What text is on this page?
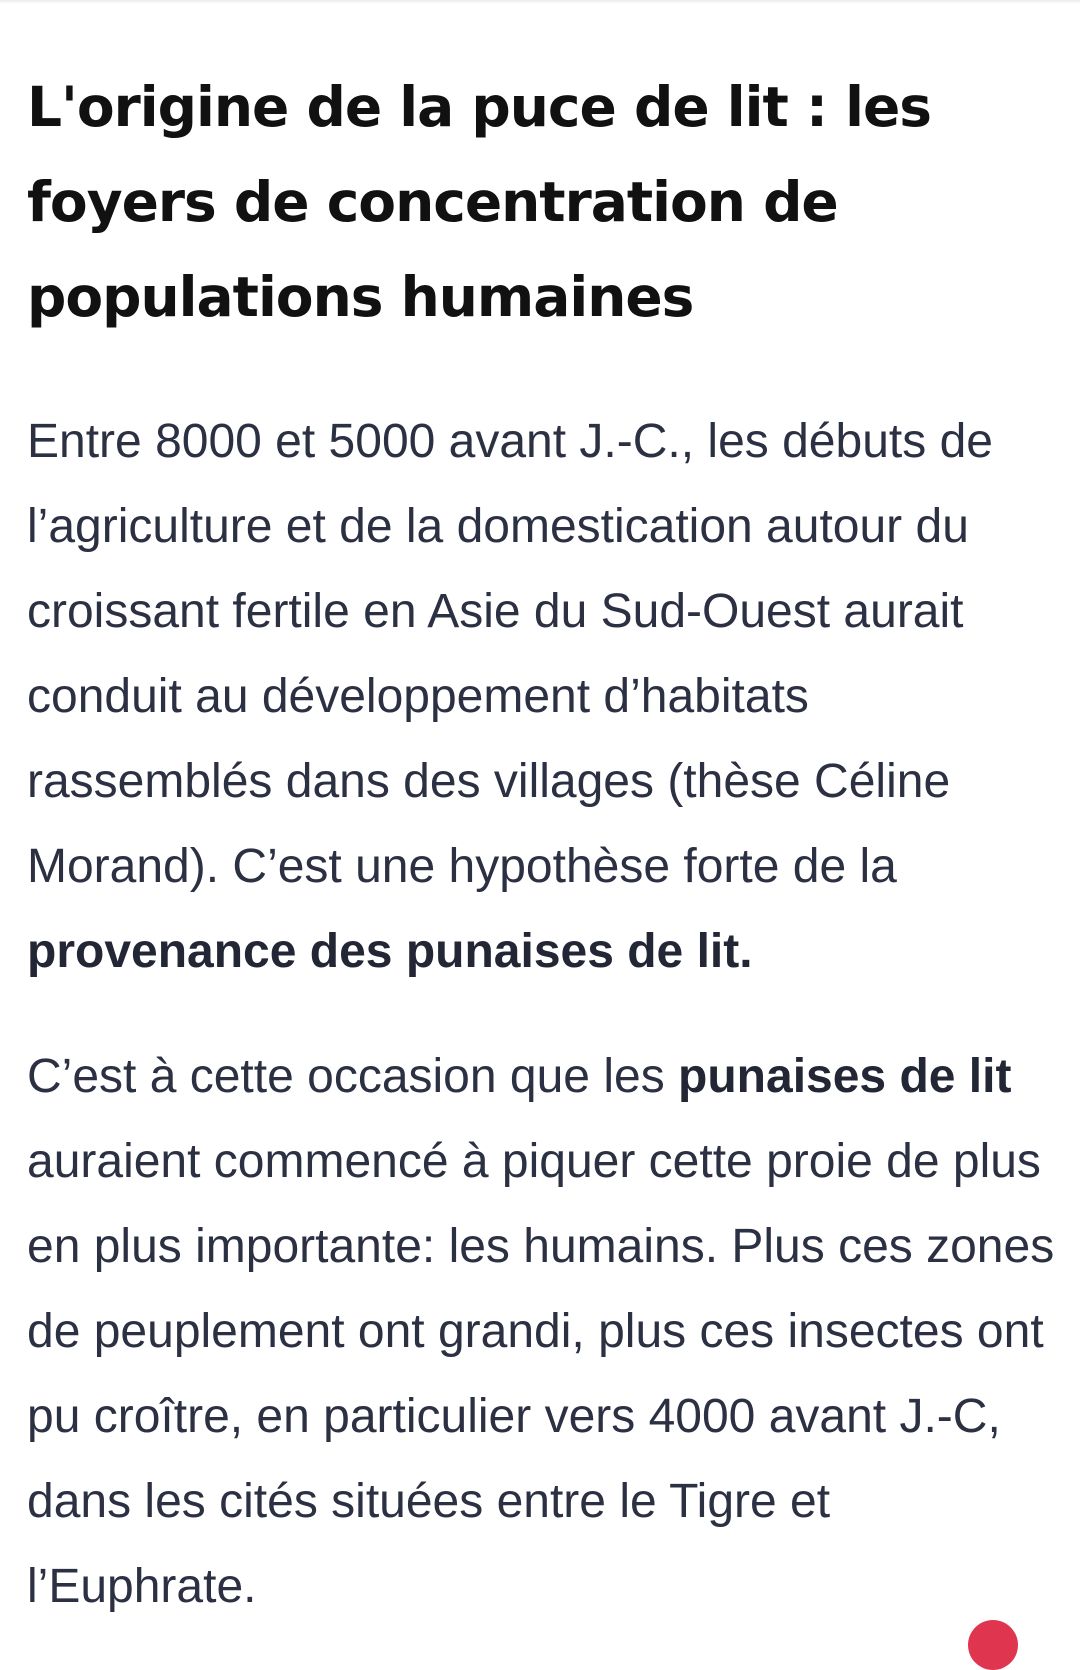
L'origine de la puce de lit : les foyers de concentration de populations humaines

Entre 8000 et 5000 avant J.-C., les débuts de l’agriculture et de la domestication autour du croissant fertile en Asie du Sud-Ouest aurait conduit au développement d’habitats rassemblés dans des villages (thèse Céline Morand). C’est une hypothèse forte de la provenance des punaises de lit.

C’est à cette occasion que les punaises de lit auraient commencé à piquer cette proie de plus en plus importante: les humains. Plus ces zones de peuplement ont grandi, plus ces insectes ont pu croître, en particulier vers 4000 avant J.-C, dans les cités situées entre le Tigre et l’Euphrate.
